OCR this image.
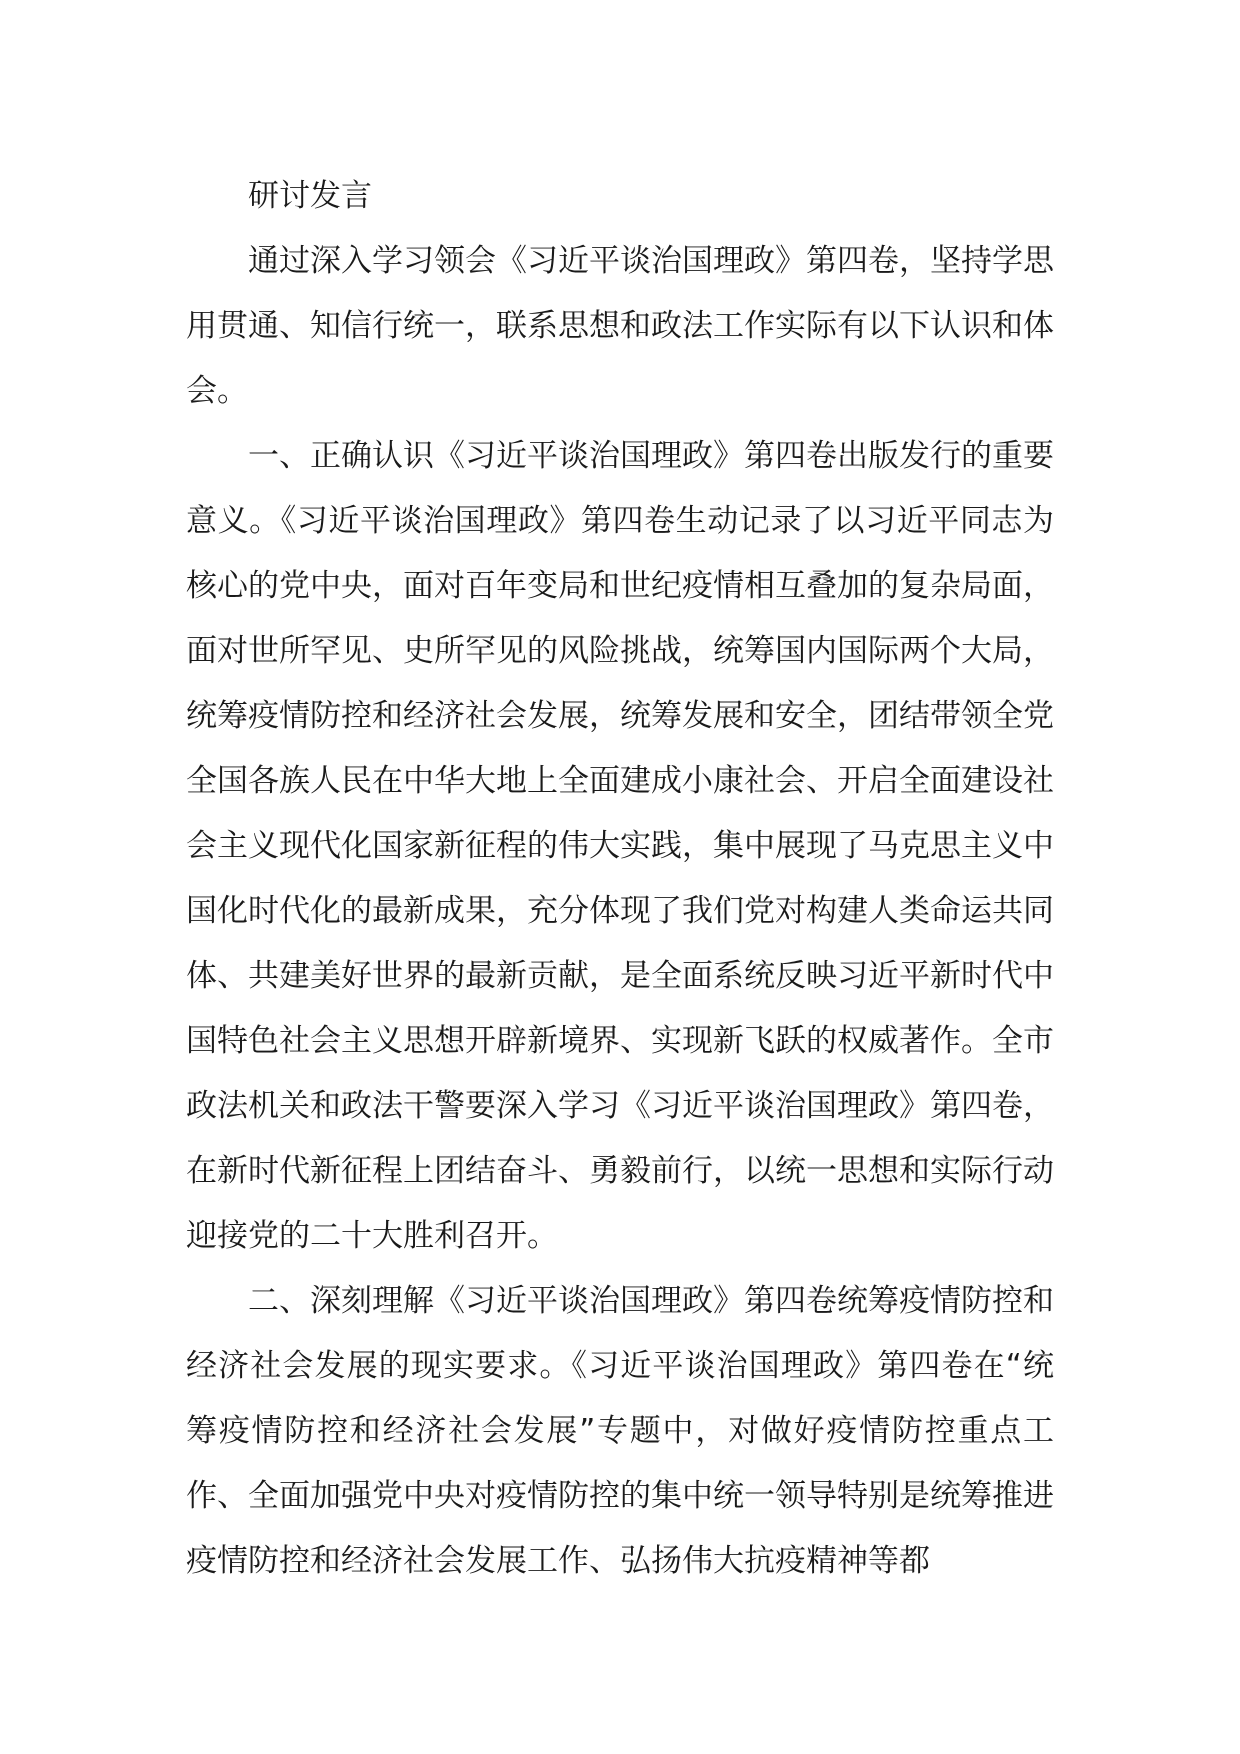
研讨发言

通过深入学习领会《习近平谈治国理政》第四卷，坚持学思用贯通、知信行统一，联系思想和政法工作实际有以下认识和体会。

一、正确认识《习近平谈治国理政》第四卷出版发行的重要意义。《习近平谈治国理政》第四卷生动记录了以习近平同志为核心的党中央，面对百年变局和世纪疫情相互叠加的复杂局面，面对世所罕见、史所罕见的风险挑战，统筹国内国际两个大局，统筹疫情防控和经济社会发展，统筹发展和安全，团结带领全党全国各族人民在中华大地上全面建成小康社会、开启全面建设社会主义现代化国家新征程的伟大实践，集中展现了马克思主义中国化时代化的最新成果，充分体现了我们党对构建人类命运共同体、共建美好世界的最新贡献，是全面系统反映习近平新时代中国特色社会主义思想开辟新境界、实现新飞跃的权威著作。全市政法机关和政法干警要深入学习《习近平谈治国理政》第四卷，在新时代新征程上团结奋斗、勇毅前行，以统一思想和实际行动迎接党的二十大胜利召开。

二、深刻理解《习近平谈治国理政》第四卷统筹疫情防控和经济社会发展的现实要求。《习近平谈治国理政》第四卷在“统筹疫情防控和经济社会发展”专题中，对做好疫情防控重点工作、全面加强党中央对疫情防控的集中统一领导特别是统筹推进疫情防控和经济社会发展工作、弘扬伟大抗疫精神等都
